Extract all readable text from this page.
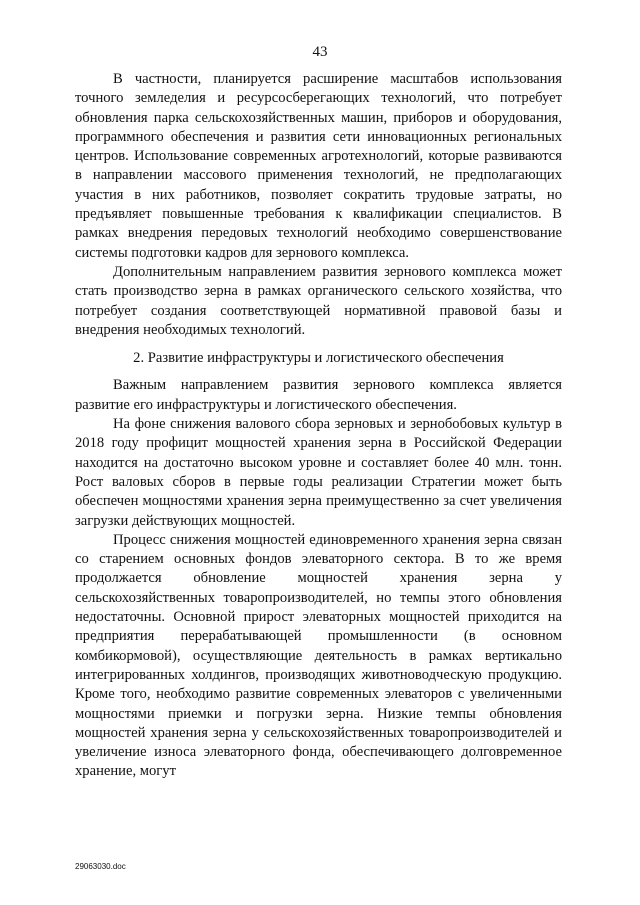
43

В частности, планируется расширение масштабов использования точного земледелия и ресурсосберегающих технологий, что потребует обновления парка сельскохозяйственных машин, приборов и оборудования, программного обеспечения и развития сети инновационных региональных центров. Использование современных агротехнологий, которые развиваются в направлении массового применения технологий, не предполагающих участия в них работников, позволяет сократить трудовые затраты, но предъявляет повышенные требования к квалификации специалистов. В рамках внедрения передовых технологий необходимо совершенствование системы подготовки кадров для зернового комплекса.

Дополнительным направлением развития зернового комплекса может стать производство зерна в рамках органического сельского хозяйства, что потребует создания соответствующей нормативной правовой базы и внедрения необходимых технологий.

2. Развитие инфраструктуры и логистического обеспечения

Важным направлением развития зернового комплекса является развитие его инфраструктуры и логистического обеспечения.

На фоне снижения валового сбора зерновых и зернобобовых культур в 2018 году профицит мощностей хранения зерна в Российской Федерации находится на достаточно высоком уровне и составляет более 40 млн. тонн. Рост валовых сборов в первые годы реализации Стратегии может быть обеспечен мощностями хранения зерна преимущественно за счет увеличения загрузки действующих мощностей.

Процесс снижения мощностей единовременного хранения зерна связан со старением основных фондов элеваторного сектора. В то же время продолжается обновление мощностей хранения зерна у сельскохозяйственных товаропроизводителей, но темпы этого обновления недостаточны. Основной прирост элеваторных мощностей приходится на предприятия перерабатывающей промышленности (в основном комбикормовой), осуществляющие деятельность в рамках вертикально интегрированных холдингов, производящих животноводческую продукцию. Кроме того, необходимо развитие современных элеваторов с увеличенными мощностями приемки и погрузки зерна. Низкие темпы обновления мощностей хранения зерна у сельскохозяйственных товаропроизводителей и увеличение износа элеваторного фонда, обеспечивающего долговременное хранение, могут

29063030.doc
